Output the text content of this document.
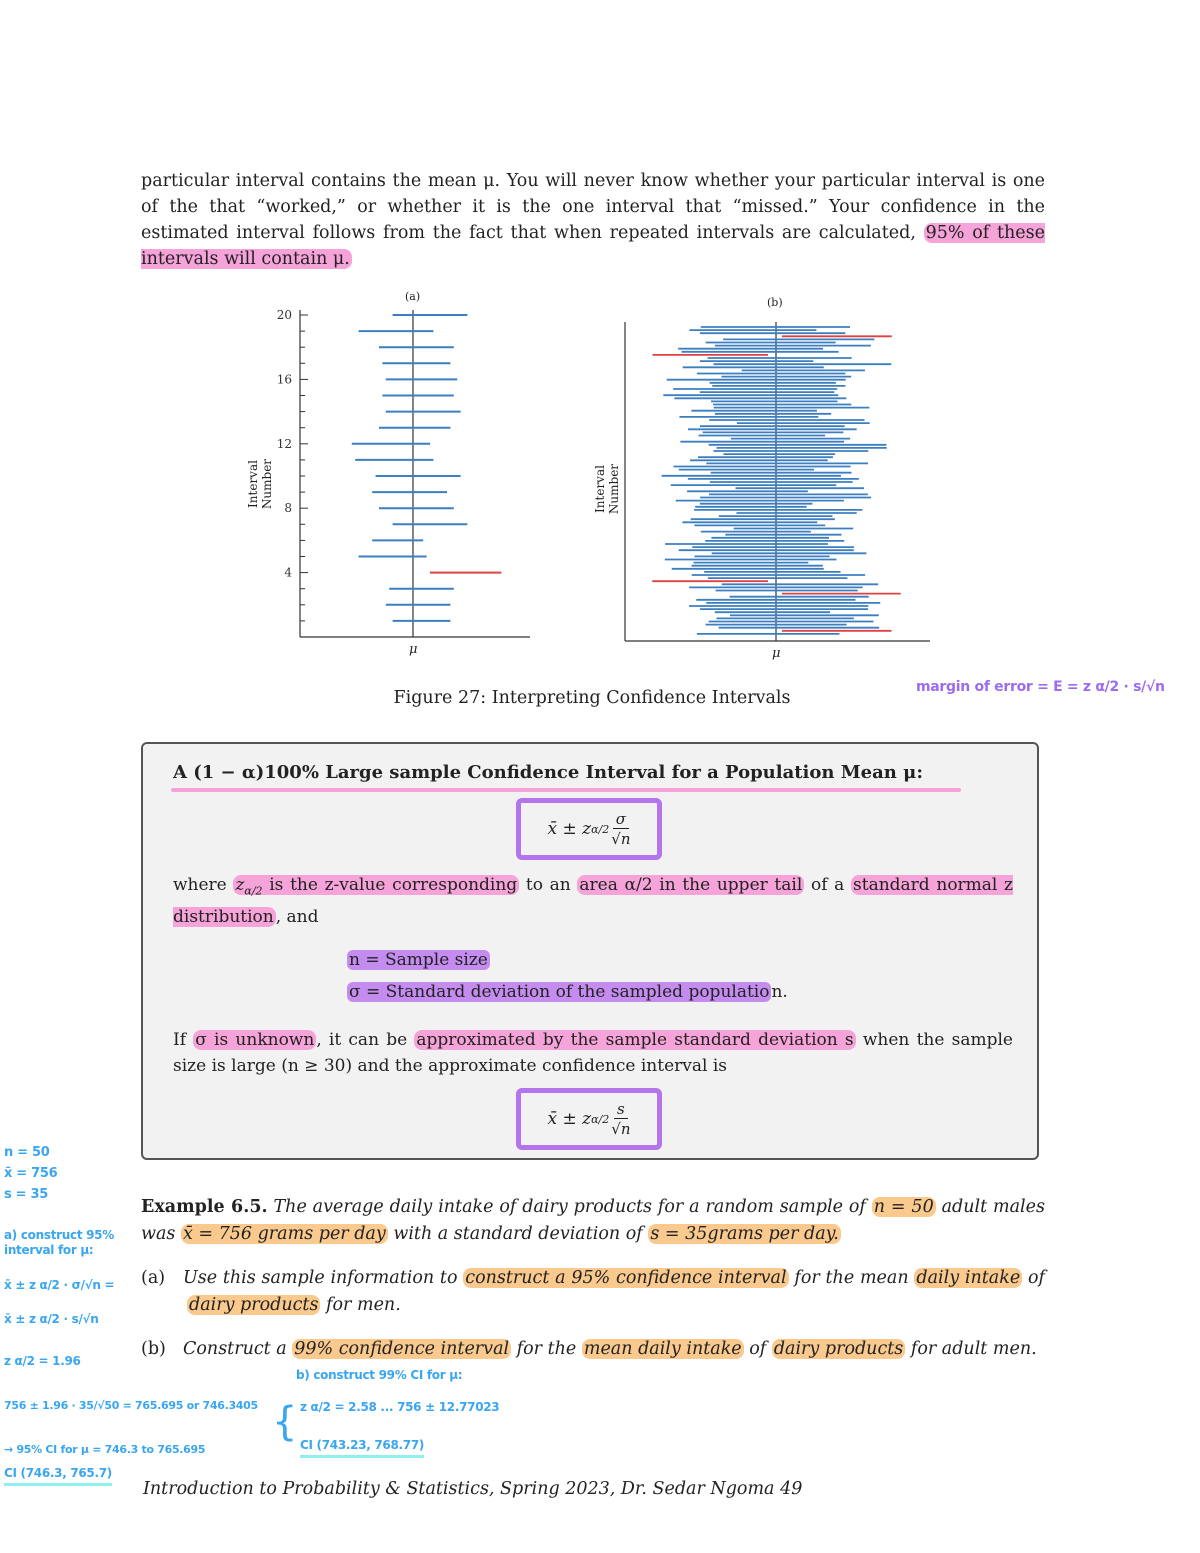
particular interval contains the mean μ. You will never know whether your particular interval is one of the that “worked,” or whether it is the one interval that “missed.” Your confidence in the estimated interval follows from the fact that when repeated intervals are calculated, 95% of these intervals will contain μ.
4
8
12
16
20
(a)	(b)
Interval Number	Interval Number
μ	μ
Figure 27: Interpreting Confidence Intervals
A (1 − α)100% Large sample Confidence Interval for a Population Mean μ:
x̄ ± z $\alpha/2 \frac{\sigma}{√n}$
where $z_{\alpha/2}$ is the z-value corresponding to an area α/2 in the upper tail of a standard normal z distribution , and
n = Sample size
σ = Standard deviation of the sampled populatio n.
If σ is unknown , it can be approximated by the sample standard deviation s when the sample size is large (n ≥ 30) and the approximate confidence interval is
x̄ ± z $\alpha/2 \frac{s}{√n}$
Example 6.5. The average daily intake of dairy products for a random sample of n = 50 adult males was x̄ = 756 grams per day with a standard deviation of s = 35grams per day.
(a) Use this sample information to construct a 95% confidence interval for the mean daily intake of dairy products for men.
(b) Construct a 99% confidence interval for the mean daily intake of dairy products for adult men.
Introduction to Probability & Statistics, Spring 2023, Dr. Sedar Ngoma 49
margin of error = E = z α/2 · s/√n
n = 50
x̄ = 756
s = 35
a) construct 95% interval for μ:
x̄ ± z α/2 · σ/√n =
x̄ ± z α/2 · s/√n
z α/2 = 1.96
756 ± 1.96 · 35/√50 = 765.695 or 746.3405
→ 95% CI for μ = 746.3 to 765.695
CI (746.3, 765.7)
{
b) construct 99% CI for μ:
z α/2 = 2.58 ... 756 ± 12.77023
CI (743.23, 768.77)
